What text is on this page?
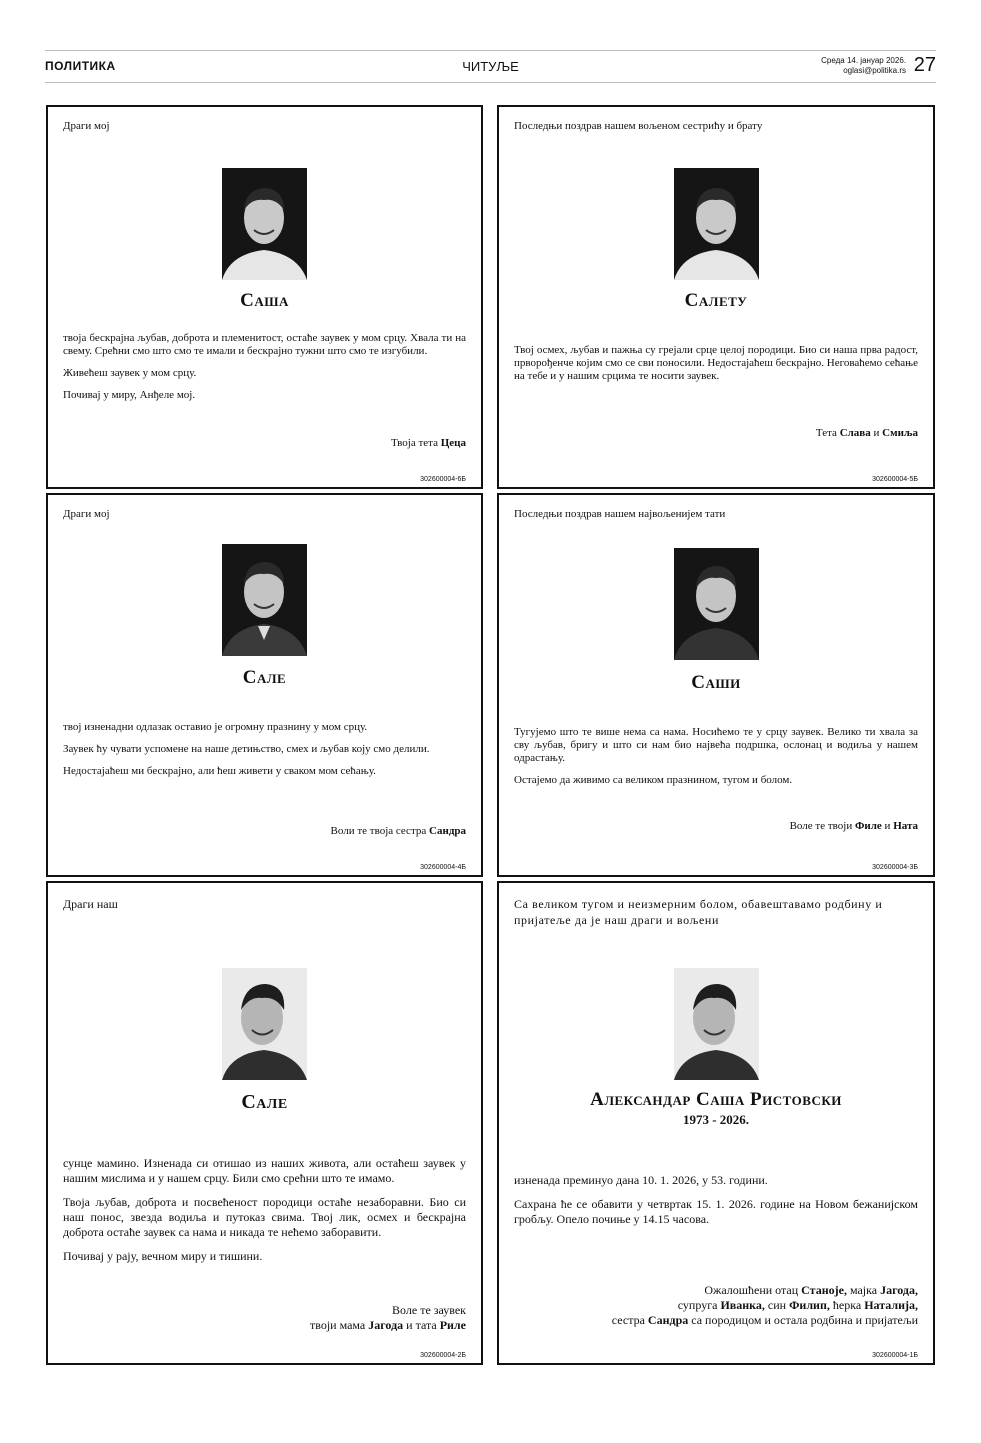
ПОЛИТИКА	ЧИТУЉЕ	Среда 14. јануар 2026.
oglasi@politika.rs 27
Драги мој
Саша

твоја бескрајна љубав, доброта и племенитост, остаће заувек у мом срцу. Хвала ти на свему. Срећни смо што смо те имали и бескрајно тужни што смо те изгубили.

Живећеш заувек у мом срцу.

Почивај у миру, Анђеле мој.

Твоја тета Цеца
302600004-6Б
Последњи поздрав нашем вољеном сестрићу и брату
Салету

Твој осмех, љубав и пажња су грејали срце целој породици. Био си наша прва радост, прворођенче којим смо се сви поносили. Недостајаћеш бескрајно. Неговаћемо сећање на тебе и у нашим срцима те носити заувек.

Тета Слава и Смиља
302600004-5Б
Драги мој
Сале

твој изненадни одлазак оставио је огромну празнину у мом срцу.

Заувек ћу чувати успомене на наше детињство, смех и љубав коју смо делили.

Недостајаћеш ми бескрајно, али ћеш живети у сваком мом сећању.

Воли те твоја сестра Сандра
302600004-4Б
Последњи поздрав нашем највољенијем тати
Саши

Тугујемо што те више нема са нама. Носићемо те у срцу заувек. Велико ти хвала за сву љубав, бригу и што си нам био највећа подршка, ослонац и водиља у нашем одрастању.

Остајемо да живимо са великом празнином, тугом и болом.

Воле те твоји Филе и Ната
302600004-3Б
Драги наш
Сале

сунце мамино. Изненада си отишао из наших живота, али остаћеш заувек у нашим мислима и у нашем срцу. Били смо срећни што те имамо.

Твоја љубав, доброта и посвећеност породици остаће незаборавни. Био си наш понос, звезда водиља и путоказ свима. Твој лик, осмех и бескрајна доброта остаће заувек са нама и никада те нећемо заборавити.

Почивај у рају, вечном миру и тишини.

Воле те заувек
твоји мама Јагода и тата Риле
302600004-2Б
Са великом тугом и неизмерним болом, обавештавамо родбину и пријатеље да је наш драги и вољени
Александар Саша Ристовски
1973 - 2026.

изненада преминуо дана 10. 1. 2026, у 53. години.

Сахрана ће се обавити у четвртак 15. 1. 2026. године на Новом бежанијском гробљу. Опело почиње у 14.15 часова.

Ожалошћени отац Станоје, мајка Јагода,
супруга Иванка, син Филип, ћерка Наталија,
сестра Сандра са породицом и остала родбина и пријатељи
302600004-1Б
